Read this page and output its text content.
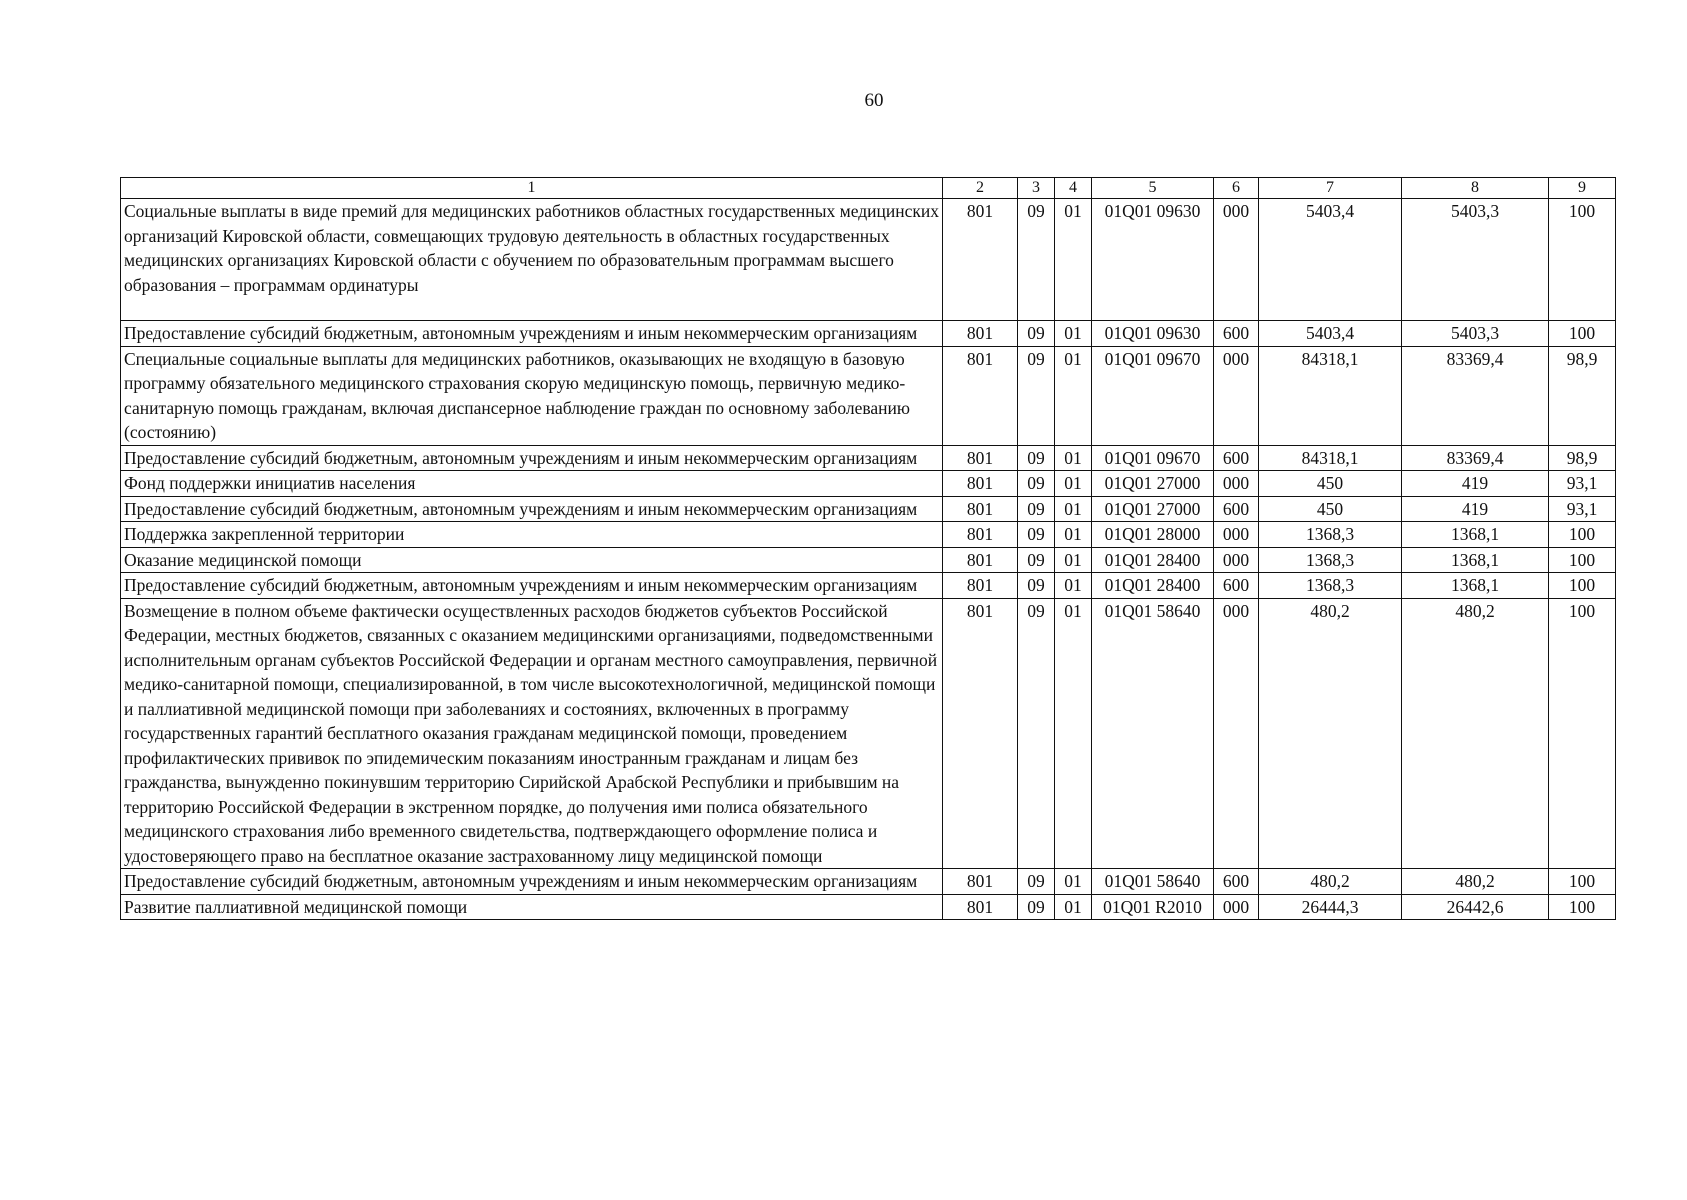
60
1	2	3	4	5	6	7	8	9
Социальные выплаты в виде премий для медицинских работников областных государственных медицинских организаций Кировской области, совмещающих трудовую деятельность в областных государственных медицинских организациях Кировской области с обучением по образовательным программам высшего образования – программам ординатуры	801	09	01	01Q01 09630	000	5403,4	5403,3	100
Предоставление субсидий бюджетным, автономным учреждениям и иным некоммерческим организациям	801	09	01	01Q01 09630	600	5403,4	5403,3	100
Специальные социальные выплаты для медицинских работников, оказывающих не входящую в базовую программу обязательного медицинского страхования скорую медицинскую помощь, первичную медико-санитарную помощь гражданам, включая диспансерное наблюдение граждан по основному заболеванию (состоянию)	801	09	01	01Q01 09670	000	84318,1	83369,4	98,9
Предоставление субсидий бюджетным, автономным учреждениям и иным некоммерческим организациям	801	09	01	01Q01 09670	600	84318,1	83369,4	98,9
Фонд поддержки инициатив населения	801	09	01	01Q01 27000	000	450	419	93,1
Предоставление субсидий бюджетным, автономным учреждениям и иным некоммерческим организациям	801	09	01	01Q01 27000	600	450	419	93,1
Поддержка закрепленной территории	801	09	01	01Q01 28000	000	1368,3	1368,1	100
Оказание медицинской помощи	801	09	01	01Q01 28400	000	1368,3	1368,1	100
Предоставление субсидий бюджетным, автономным учреждениям и иным некоммерческим организациям	801	09	01	01Q01 28400	600	1368,3	1368,1	100
Возмещение в полном объеме фактически осуществленных расходов бюджетов субъектов Российской Федерации, местных бюджетов, связанных с оказанием медицинскими организациями, подведомственными исполнительным органам субъектов Российской Федерации и органам местного самоуправления, первичной медико-санитарной помощи, специализированной, в том числе высокотехнологичной, медицинской помощи и паллиативной медицинской помощи при заболеваниях и состояниях, включенных в программу государственных гарантий бесплатного оказания гражданам медицинской помощи, проведением профилактических прививок по эпидемическим показаниям иностранным гражданам и лицам без гражданства, вынужденно покинувшим территорию Сирийской Арабской Республики и прибывшим на территорию Российской Федерации в экстренном порядке, до получения ими полиса обязательного медицинского страхования либо временного свидетельства, подтверждающего оформление полиса и удостоверяющего право на бесплатное оказание застрахованному лицу медицинской помощи	801	09	01	01Q01 58640	000	480,2	480,2	100
Предоставление субсидий бюджетным, автономным учреждениям и иным некоммерческим организациям	801	09	01	01Q01 58640	600	480,2	480,2	100
Развитие паллиативной медицинской помощи	801	09	01	01Q01 R2010	000	26444,3	26442,6	100
